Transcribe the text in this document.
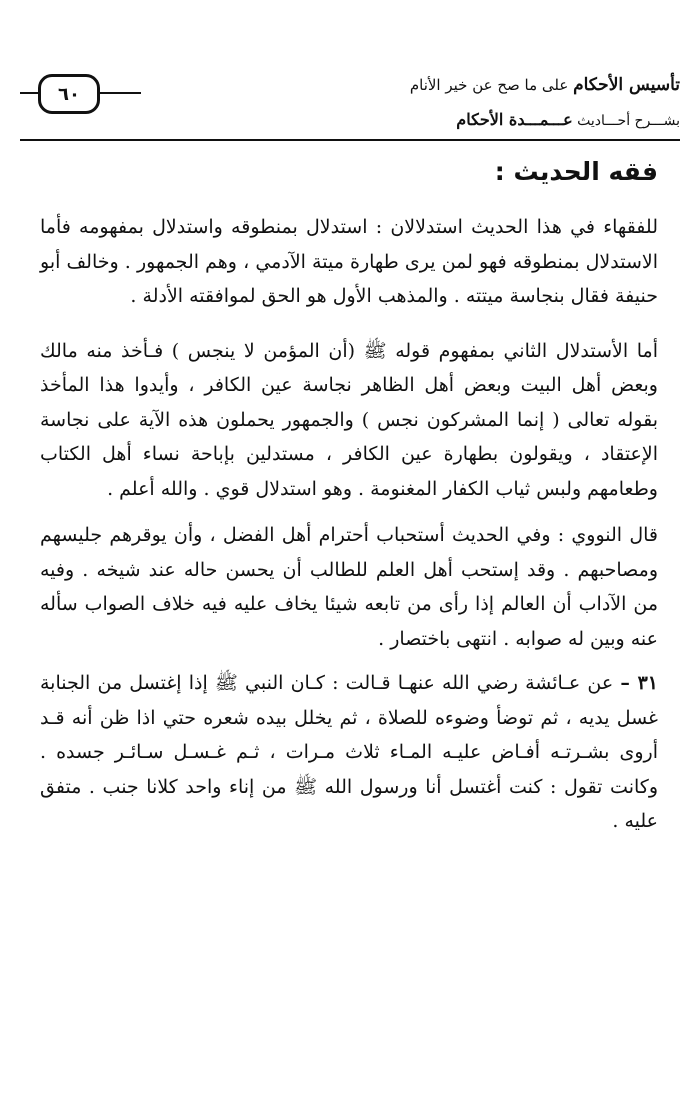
٦٠	تأسيس الأحكام على ما صح عن خير الأنام
بشـــرح أحـــاديث عـــمـــدة الأحكام
فقه الحديث :

للفقهاء في هذا الحديث استدلالان : استدلال بمنطوقه واستدلال بمفهومه فأما الاستدلال بمنطوقه فهو لمن يرى طهارة ميتة الآدمي ، وهم الجمهور . وخالف أبو حنيفة فقال بنجاسة ميتته . والمذهب الأول هو الحق لموافقته الأدلة .

أما الأستدلال الثاني بمفهوم قوله ﷺ (أن المؤمن لا ينجس ) فـأخذ منه مالك وبعض أهل البيت وبعض أهل الظاهر نجاسة عين الكافر ، وأيدوا هذا المأخذ بقوله تعالى ( إنما المشركون نجس ) والجمهور يحملون هذه الآية على نجاسة الإعتقاد ، ويقولون بطهارة عين الكافر ، مستدلين بإباحة نساء أهل الكتاب وطعامهم ولبس ثياب الكفار المغنومة . وهو استدلال قوي . والله أعلم .

قال النووي : وفي الحديث أستحباب أحترام أهل الفضل ، وأن يوقرهم جليسهم ومصاحبهم . وقد إستحب أهل العلم للطالب أن يحسن حاله عند شيخه . وفيه من الآداب أن العالم إذا رأى من تابعه شيئا يخاف عليه فيه خلاف الصواب سأله عنه وبين له صوابه . انتهى باختصار .

٣١ – عن عـائشة رضي الله عنهـا قـالت : كـان النبي ﷺ إذا إغتسل من الجنابة غسل يديه ، ثم توضأ وضوءه للصلاة ، ثم يخلل بيده شعره حتي اذا ظن أنه قـد أروى بشـرتـه أفـاض عليـه المـاء ثلاث مـرات ، ثـم غـسـل سـائـر جسده . وكانت تقول : كنت أغتسل أنا ورسول الله ﷺ من إناء واحد كلانا جنب . متفق عليه .
